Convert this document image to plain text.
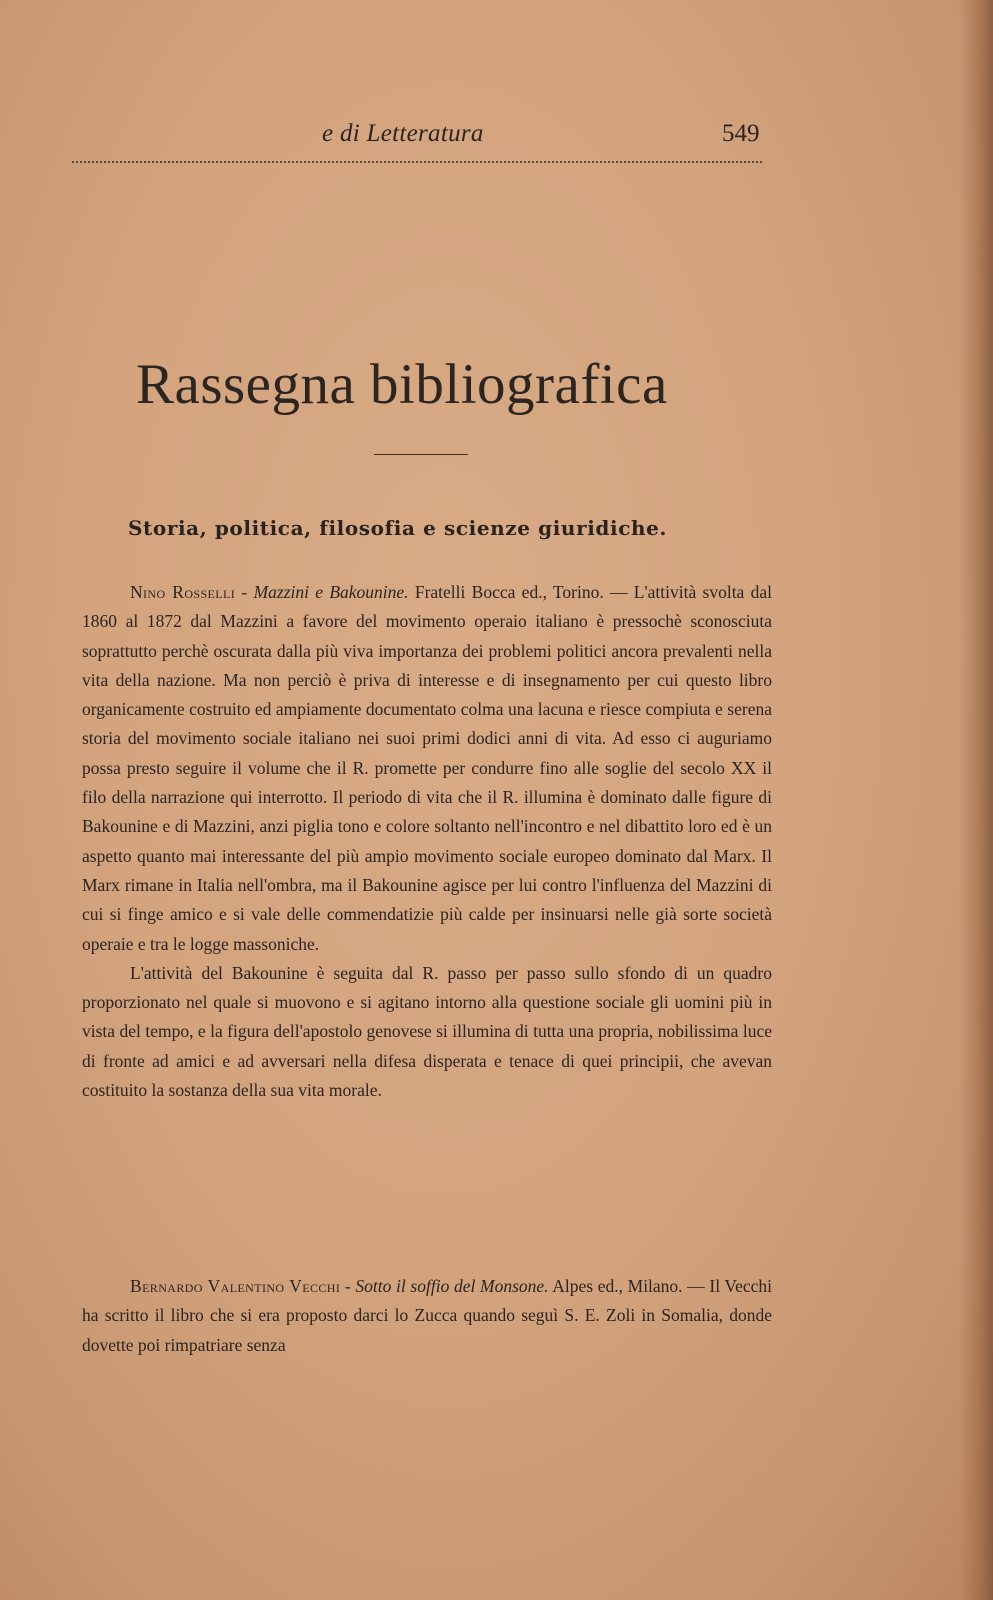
e di Letteratura	549
Rassegna bibliografica
Storia, politica, filosofia e scienze giuridiche.

Nino Rosselli - Mazzini e Bakounine. Fratelli Bocca ed., Torino. — L'attività svolta dal 1860 al 1872 dal Mazzini a favore del movimento operaio italiano è pressochè sconosciuta soprattutto perchè oscurata dalla più viva importanza dei problemi politici ancora prevalenti nella vita della nazione. Ma non perciò è priva di interesse e di insegnamento per cui questo libro organicamente costruito ed ampiamente documentato colma una lacuna e riesce compiuta e serena storia del movimento sociale italiano nei suoi primi dodici anni di vita. Ad esso ci auguriamo possa presto seguire il volume che il R. promette per condurre fino alle soglie del secolo XX il filo della narrazione qui interrotto. Il periodo di vita che il R. illumina è dominato dalle figure di Bakounine e di Mazzini, anzi piglia tono e colore soltanto nell'incontro e nel dibattito loro ed è un aspetto quanto mai interessante del più ampio movimento sociale europeo dominato dal Marx. Il Marx rimane in Italia nell'ombra, ma il Bakounine agisce per lui contro l'influenza del Mazzini di cui si finge amico e si vale delle commendatizie più calde per insinuarsi nelle già sorte società operaie e tra le logge massoniche.

L'attività del Bakounine è seguita dal R. passo per passo sullo sfondo di un quadro proporzionato nel quale si muovono e si agitano intorno alla questione sociale gli uomini più in vista del tempo, e la figura dell'apostolo genovese si illumina di tutta una propria, nobilissima luce di fronte ad amici e ad avversari nella difesa disperata e tenace di quei principii, che avevan costituito la sostanza della sua vita morale.

Bernardo Valentino Vecchi - Sotto il soffio del Monsone. Alpes ed., Milano. — Il Vecchi ha scritto il libro che si era proposto darci lo Zucca quando seguì S. E. Zoli in Somalia, donde dovette poi rimpatriare senza
